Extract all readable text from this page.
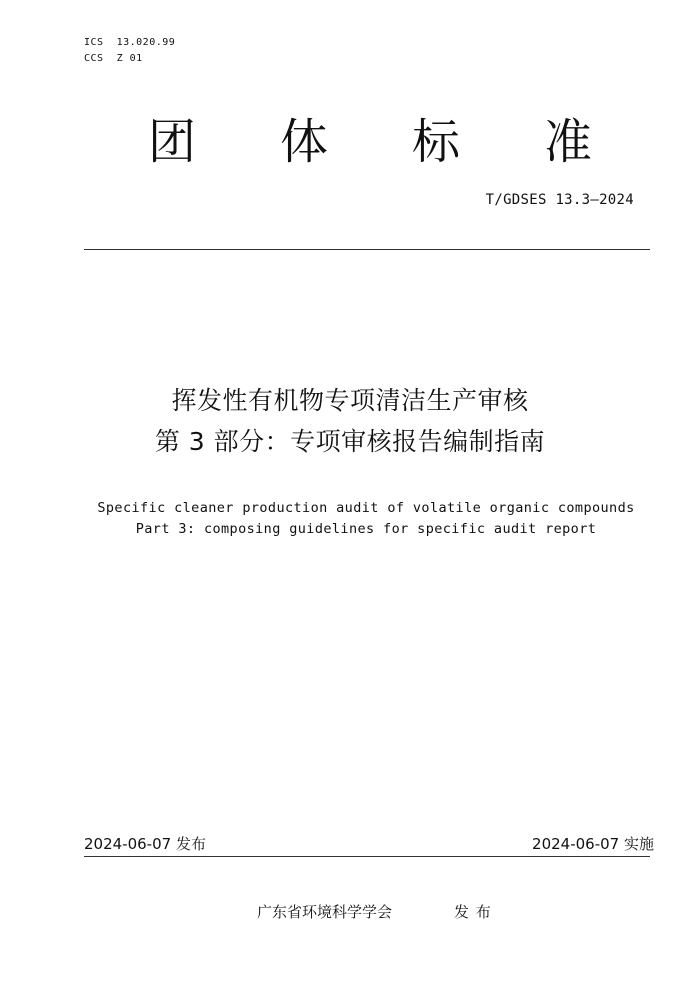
ICS  13.020.99
CCS  Z 01
团 体 标 准
T/GDSES 13.3—2024
挥发性有机物专项清洁生产审核
第 3 部分：专项审核报告编制指南
Specific cleaner production audit of volatile organic compounds
Part 3: composing guidelines for specific audit report
2024-06-07 发布	2024-06-07 实施
广东省环境科学学会	发 布
